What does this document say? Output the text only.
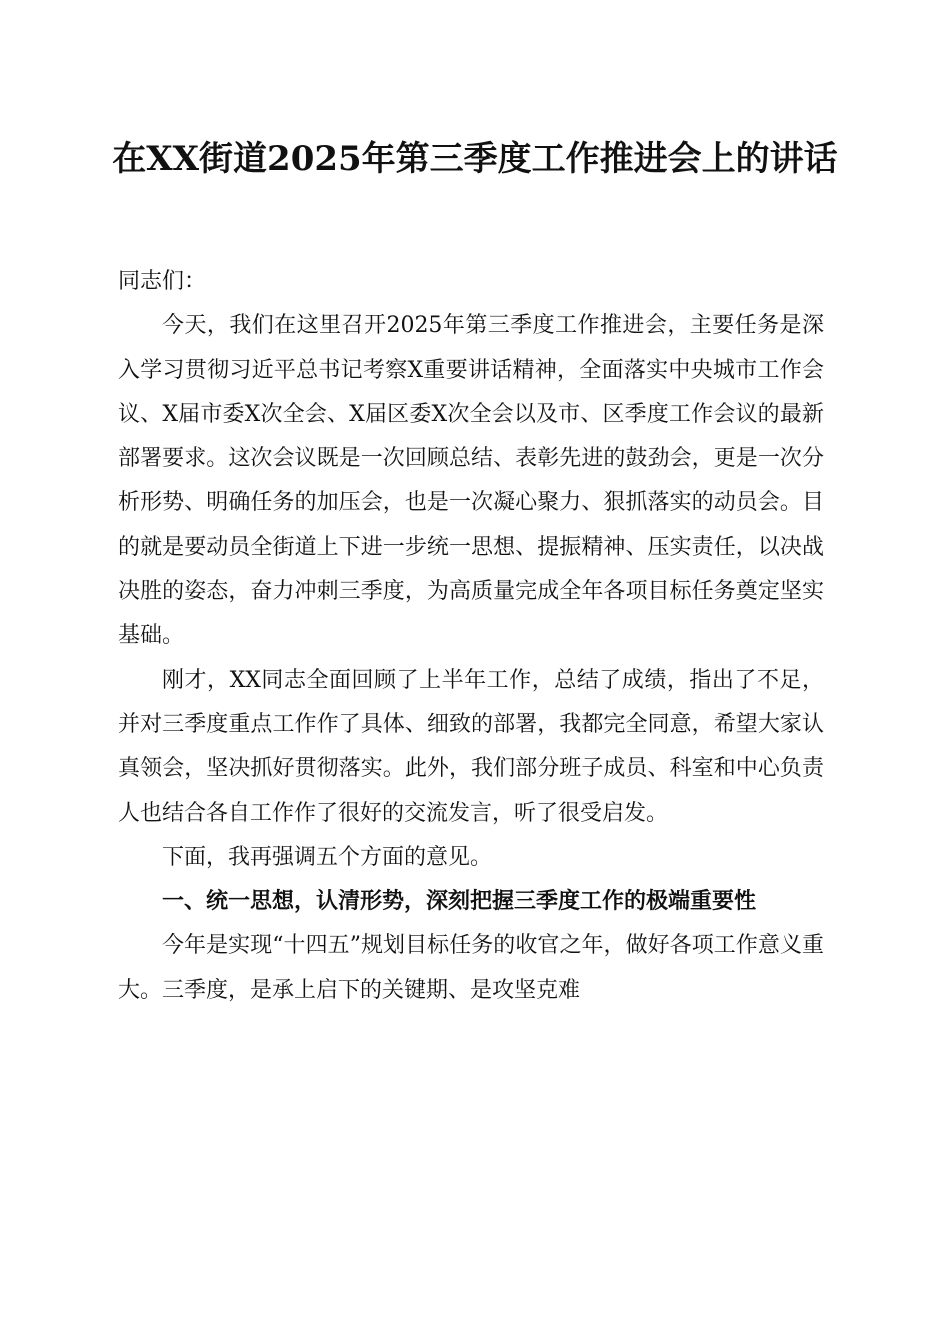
在XX街道2025年第三季度工作推进会上的讲话

同志们：

今天，我们在这里召开2025年第三季度工作推进会，主要任务是深入学习贯彻习近平总书记考察X重要讲话精神，全面落实中央城市工作会议、X届市委X次全会、X届区委X次全会以及市、区季度工作会议的最新部署要求。这次会议既是一次回顾总结、表彰先进的鼓劲会，更是一次分析形势、明确任务的加压会，也是一次凝心聚力、狠抓落实的动员会。目的就是要动员全街道上下进一步统一思想、提振精神、压实责任，以决战决胜的姿态，奋力冲刺三季度，为高质量完成全年各项目标任务奠定坚实基础。

刚才，XX同志全面回顾了上半年工作，总结了成绩，指出了不足，并对三季度重点工作作了具体、细致的部署，我都完全同意，希望大家认真领会，坚决抓好贯彻落实。此外，我们部分班子成员、科室和中心负责人也结合各自工作作了很好的交流发言，听了很受启发。

下面，我再强调五个方面的意见。

一、统一思想，认清形势，深刻把握三季度工作的极端重要性

今年是实现“十四五”规划目标任务的收官之年，做好各项工作意义重大。三季度，是承上启下的关键期、是攻坚克难
